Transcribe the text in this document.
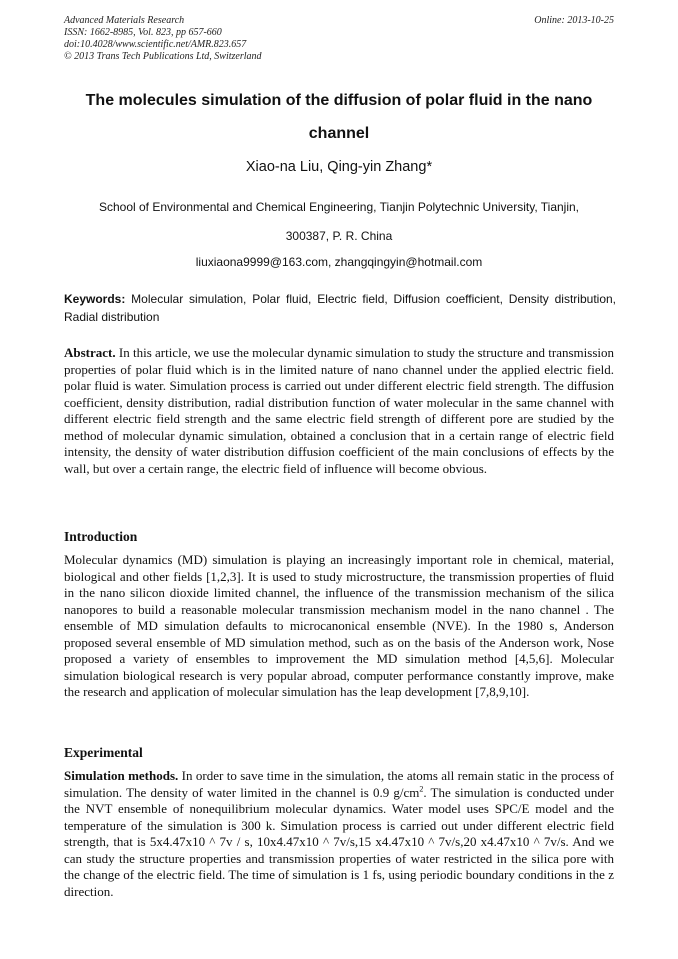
Advanced Materials Research
ISSN: 1662-8985, Vol. 823, pp 657-660
doi:10.4028/www.scientific.net/AMR.823.657
© 2013 Trans Tech Publications Ltd, Switzerland
Online: 2013-10-25
The molecules simulation of the diffusion of polar fluid in the nano
channel
Xiao-na Liu, Qing-yin Zhang*
School of Environmental and Chemical Engineering, Tianjin Polytechnic University, Tianjin,
300387, P. R. China
liuxiaona9999@163.com, zhangqingyin@hotmail.com
Keywords: Molecular simulation, Polar fluid, Electric field, Diffusion coefficient, Density distribution, Radial distribution
Abstract. In this article, we use the molecular dynamic simulation to study the structure and transmission properties of polar fluid which is in the limited nature of nano channel under the applied electric field. polar fluid is water. Simulation process is carried out under different electric field strength. The diffusion coefficient, density distribution, radial distribution function of water molecular in the same channel with different electric field strength and the same electric field strength of different pore are studied by the method of molecular dynamic simulation, obtained a conclusion that in a certain range of electric field intensity, the density of water distribution diffusion coefficient of the main conclusions of effects by the wall, but over a certain range, the electric field of influence will become obvious.
Introduction
Molecular dynamics (MD) simulation is playing an increasingly important role in chemical, material, biological and other fields [1,2,3]. It is used to study microstructure, the transmission properties of fluid in the nano silicon dioxide limited channel, the influence of the transmission mechanism of the silica nanopores to build a reasonable molecular transmission mechanism model in the nano channel . The ensemble of MD simulation defaults to microcanonical ensemble (NVE). In the 1980 s, Anderson proposed several ensemble of MD simulation method, such as on the basis of the Anderson work, Nose proposed a variety of ensembles to improvement the MD simulation method [4,5,6]. Molecular simulation biological research is very popular abroad, computer performance constantly improve, make the research and application of molecular simulation has the leap development [7,8,9,10].
Experimental
Simulation methods. In order to save time in the simulation, the atoms all remain static in the process of simulation. The density of water limited in the channel is 0.9 $g/cm^2$. The simulation is conducted under the NVT ensemble of nonequilibrium molecular dynamics. Water model uses SPC/E model and the temperature of the simulation is 300 k. Simulation process is carried out under different electric field strength, that is 5x4.47x10 ^ 7v / s, 10x4.47x10 ^ 7v/s,15 x4.47x10 ^ 7v/s,20 x4.47x10 ^ 7v/s. And we can study the structure properties and transmission properties of water restricted in the silica pore with the change of the electric field. The time of simulation is 1 fs, using periodic boundary conditions in the z direction.
